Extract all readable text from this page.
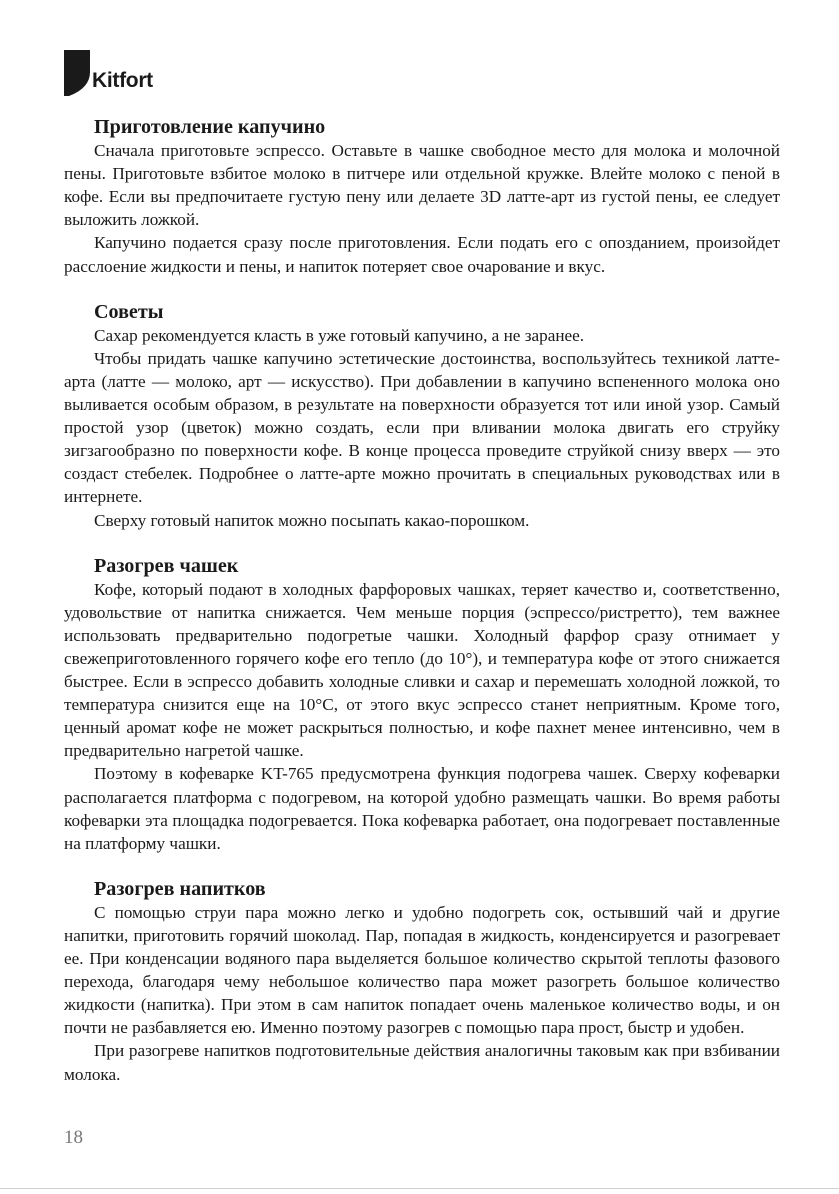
Kitfort
Приготовление капучино

Сначала приготовьте эспрессо. Оставьте в чашке свободное место для молока и молочной пены. Приготовьте взбитое молоко в питчере или отдельной кружке. Влейте молоко с пеной в кофе. Если вы предпочитаете густую пену или делаете 3D латте-арт из густой пены, ее следует выложить ложкой.

Капучино подается сразу после приготовления. Если подать его с опозданием, произойдет расслоение жидкости и пены, и напиток потеряет свое очарование и вкус.

Советы

Сахар рекомендуется класть в уже готовый капучино, а не заранее.

Чтобы придать чашке капучино эстетические достоинства, воспользуйтесь техникой латте-арта (латте — молоко, арт — искусство). При добавлении в капучино вспененного молока оно выливается особым образом, в результате на поверхности образуется тот или иной узор. Самый простой узор (цветок) можно создать, если при вливании молока двигать его струйку зигзагообразно по поверхности кофе. В конце процесса проведите струйкой снизу вверх — это создаст стебелек. Подробнее о латте-арте можно прочитать в специальных руководствах или в интернете.

Сверху готовый напиток можно посыпать какао-порошком.

Разогрев чашек

Кофе, который подают в холодных фарфоровых чашках, теряет качество и, соответственно, удовольствие от напитка снижается. Чем меньше порция (эспрессо/ристретто), тем важнее использовать предварительно подогретые чашки. Холодный фарфор сразу отнимает у свежеприготовленного горячего кофе его тепло (до 10°), и температура кофе от этого снижается быстрее. Если в эспрессо добавить холодные сливки и сахар и перемешать холодной ложкой, то температура снизится еще на 10°C, от этого вкус эспрессо станет неприятным. Кроме того, ценный аромат кофе не может раскрыться полностью, и кофе пахнет менее интенсивно, чем в предварительно нагретой чашке.

Поэтому в кофеварке KT-765 предусмотрена функция подогрева чашек. Сверху кофеварки располагается платформа с подогревом, на которой удобно размещать чашки. Во время работы кофеварки эта площадка подогревается. Пока кофеварка работает, она подогревает поставленные на платформу чашки.

Разогрев напитков

С помощью струи пара можно легко и удобно подогреть сок, остывший чай и другие напитки, приготовить горячий шоколад. Пар, попадая в жидкость, конденсируется и разогревает ее. При конденсации водяного пара выделяется большое количество скрытой теплоты фазового перехода, благодаря чему небольшое количество пара может разогреть большое количество жидкости (напитка). При этом в сам напиток попадает очень маленькое количество воды, и он почти не разбавляется ею. Именно поэтому разогрев с помощью пара прост, быстр и удобен.

При разогреве напитков подготовительные действия аналогичны таковым как при взбивании молока.

18
